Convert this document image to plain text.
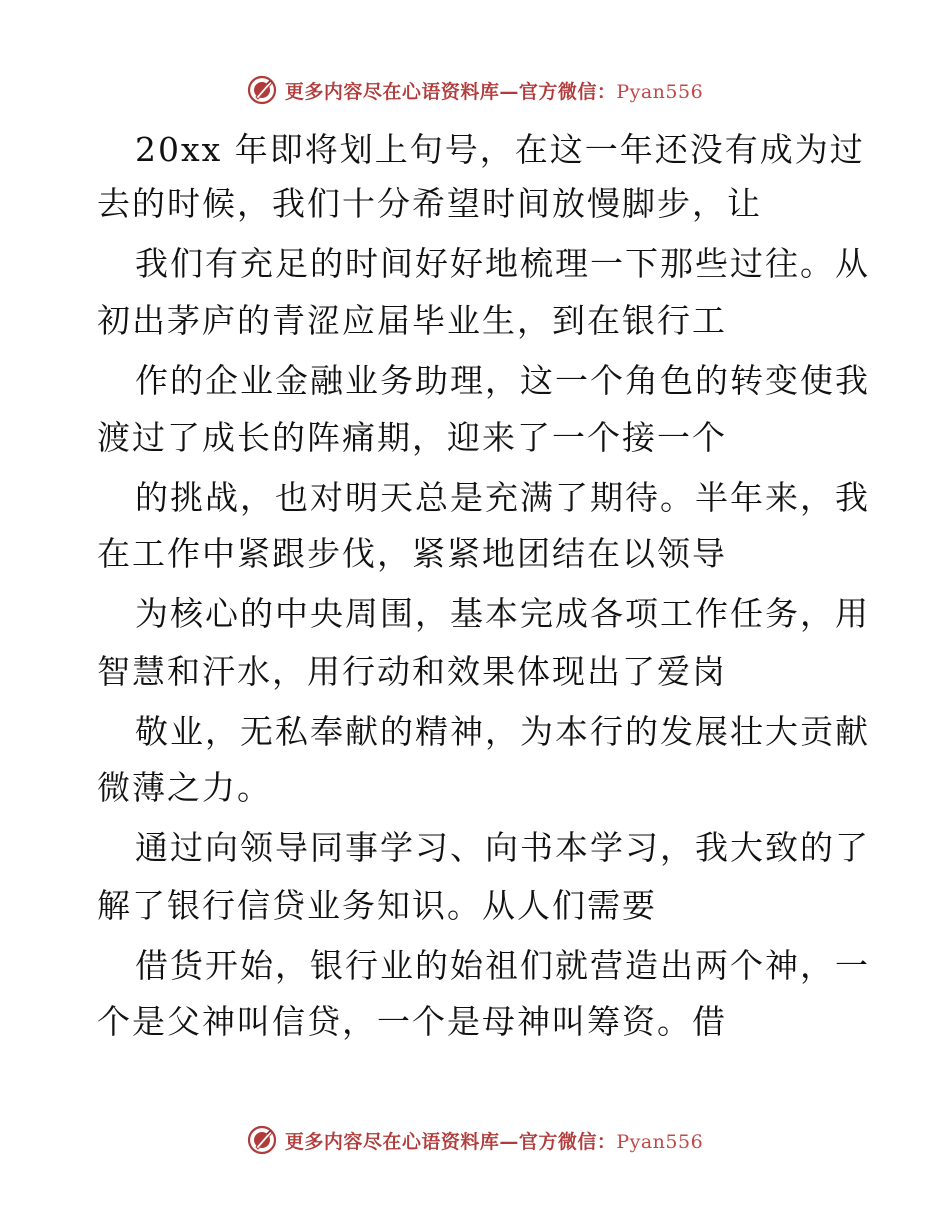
更多内容尽在心语资料库—官方微信：Pyan556
20xx 年即将划上句号，在这一年还没有成为过
去的时候，我们十分希望时间放慢脚步，让
我们有充足的时间好好地梳理一下那些过往。从
初出茅庐的青涩应届毕业生，到在银行工
作的企业金融业务助理，这一个角色的转变使我
渡过了成长的阵痛期，迎来了一个接一个
的挑战，也对明天总是充满了期待。半年来，我
在工作中紧跟步伐，紧紧地团结在以领导
为核心的中央周围，基本完成各项工作任务，用
智慧和汗水，用行动和效果体现出了爱岗
敬业，无私奉献的精神，为本行的发展壮大贡献
微薄之力。
通过向领导同事学习、向书本学习，我大致的了
解了银行信贷业务知识。从人们需要
借货开始，银行业的始祖们就营造出两个神，一
个是父神叫信贷，一个是母神叫筹资。借
更多内容尽在心语资料库—官方微信：Pyan556
